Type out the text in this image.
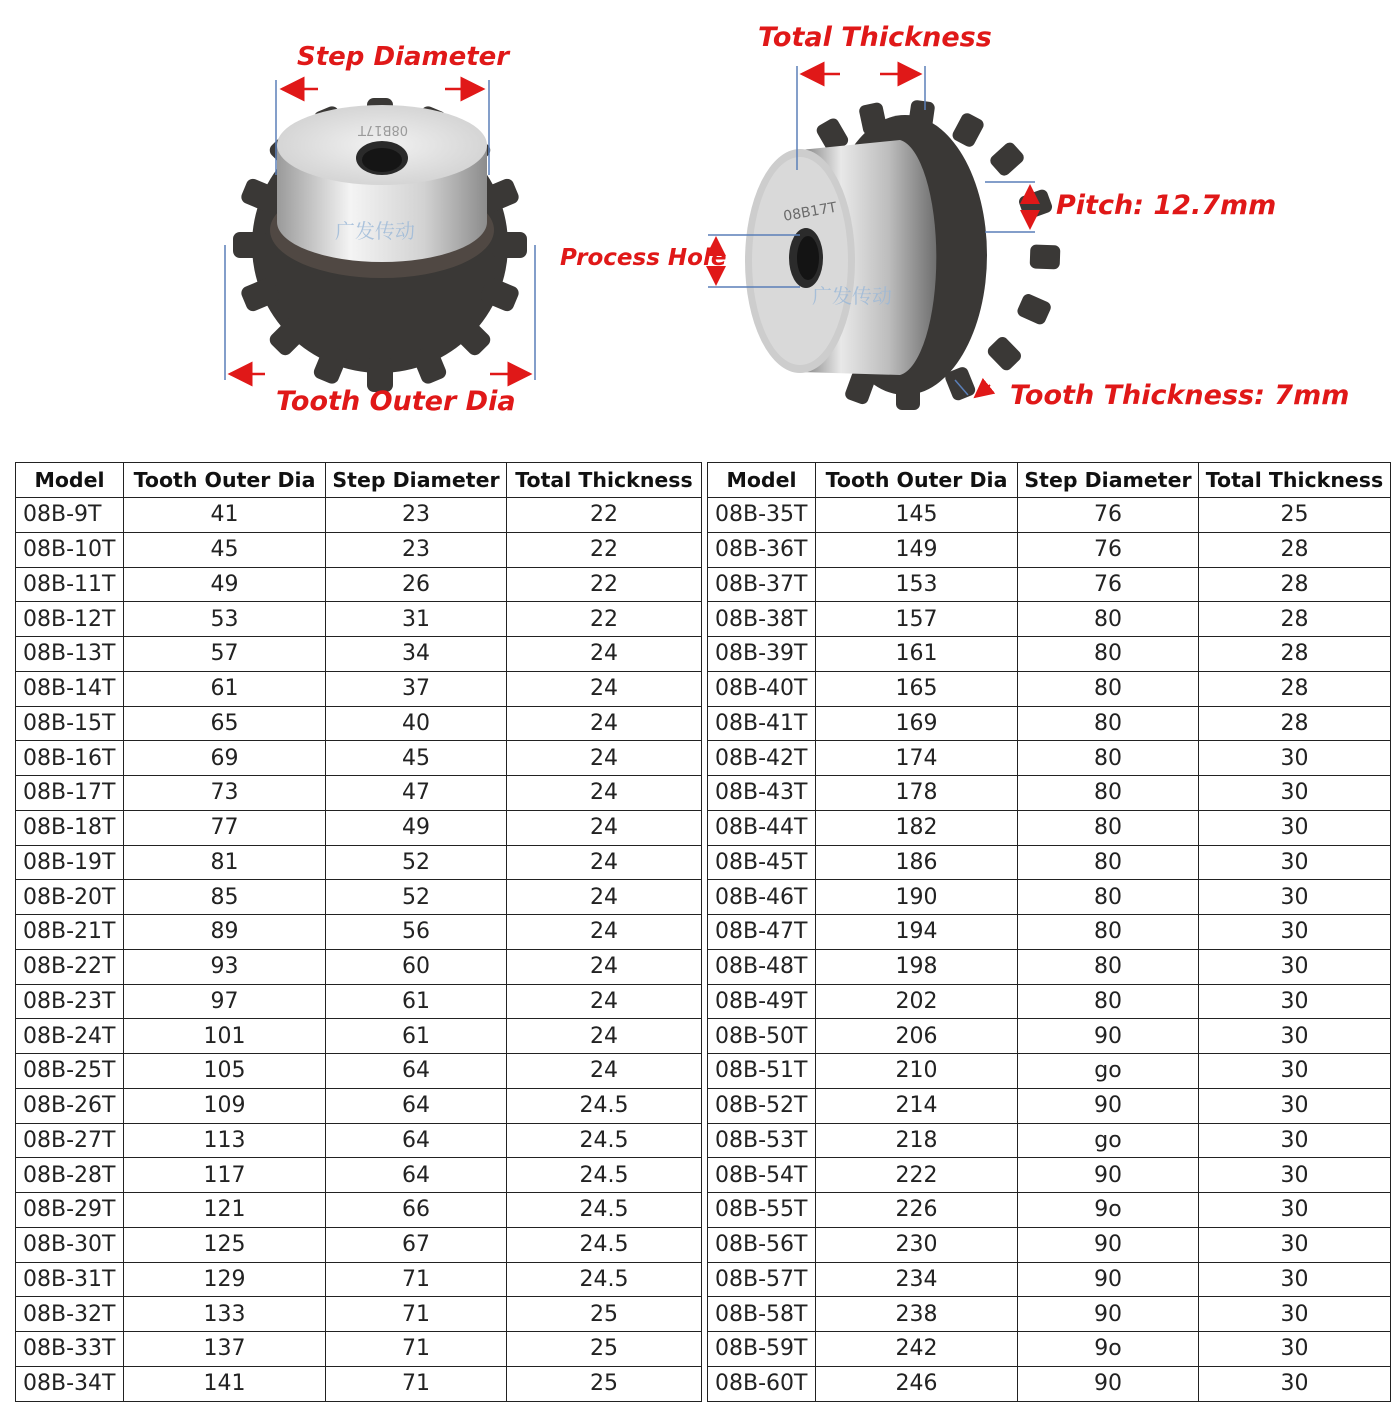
08B17T
广发传动
08B17T
广发传动
Step Diameter
Tooth Outer Dia
Total Thickness
Pitch: 12.7mm
Process Hole
Tooth Thickness: 7mm
Model	Tooth Outer Dia	Step Diameter	Total Thickness
08B-9T	41	23	22
08B-10T	45	23	22
08B-11T	49	26	22
08B-12T	53	31	22
08B-13T	57	34	24
08B-14T	61	37	24
08B-15T	65	40	24
08B-16T	69	45	24
08B-17T	73	47	24
08B-18T	77	49	24
08B-19T	81	52	24
08B-20T	85	52	24
08B-21T	89	56	24
08B-22T	93	60	24
08B-23T	97	61	24
08B-24T	101	61	24
08B-25T	105	64	24
08B-26T	109	64	24.5
08B-27T	113	64	24.5
08B-28T	117	64	24.5
08B-29T	121	66	24.5
08B-30T	125	67	24.5
08B-31T	129	71	24.5
08B-32T	133	71	25
08B-33T	137	71	25
08B-34T	141	71	25
Model	Tooth Outer Dia	Step Diameter	Total Thickness
08B-35T	145	76	25
08B-36T	149	76	28
08B-37T	153	76	28
08B-38T	157	80	28
08B-39T	161	80	28
08B-40T	165	80	28
08B-41T	169	80	28
08B-42T	174	80	30
08B-43T	178	80	30
08B-44T	182	80	30
08B-45T	186	80	30
08B-46T	190	80	30
08B-47T	194	80	30
08B-48T	198	80	30
08B-49T	202	80	30
08B-50T	206	90	30
08B-51T	210	go	30
08B-52T	214	90	30
08B-53T	218	go	30
08B-54T	222	90	30
08B-55T	226	9o	30
08B-56T	230	90	30
08B-57T	234	90	30
08B-58T	238	90	30
08B-59T	242	9o	30
08B-60T	246	90	30
